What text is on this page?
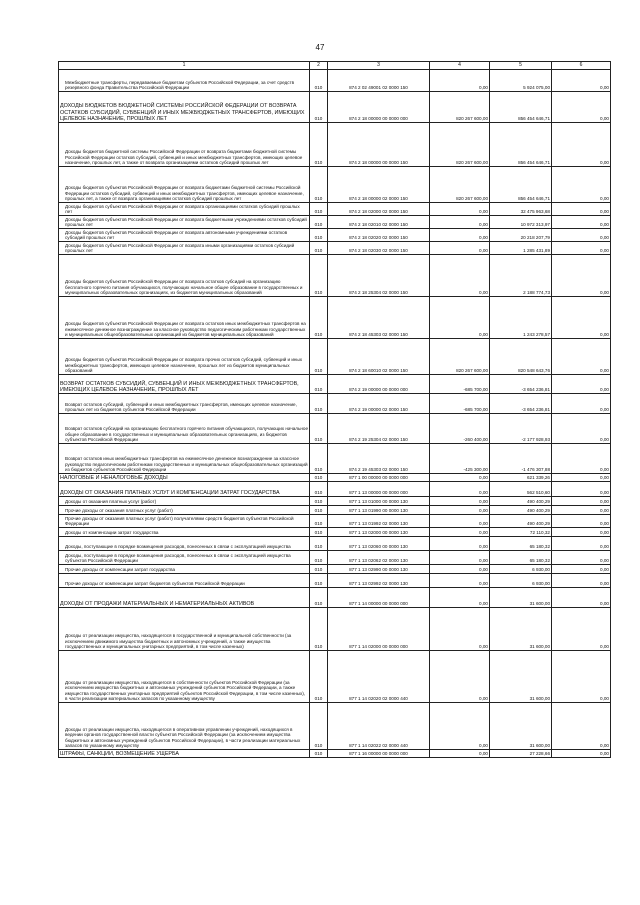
47
1	2	3	4	5	6
Межбюджетные трансферты, передаваемые бюджетам субъектов Российской Федерации, за счет средств резервного фонда Правительства Российской Федерации	010	874 2 02 49001 02 0000 150	0,00	5 924 075,00	0,00
ДОХОДЫ БЮДЖЕТОВ БЮДЖЕТНОЙ СИСТЕМЫ РОССИЙСКОЙ ФЕДЕРАЦИИ ОТ ВОЗВРАТА ОСТАТКОВ СУБСИДИЙ, СУБВЕНЦИЙ И ИНЫХ МЕЖБЮДЖЕТНЫХ ТРАНСФЕРТОВ, ИМЕЮЩИХ ЦЕЛЕВОЕ НАЗНАЧЕНИЕ, ПРОШЛЫХ ЛЕТ	010	874 2 18 00000 00 0000 000	820 267 600,00	856 454 646,71	0,00
Доходы бюджетов бюджетной системы Российской Федерации от возврата бюджетами бюджетной системы Российской Федерации остатков субсидий, субвенций и иных межбюджетных трансфертов, имеющих целевое назначение, прошлых лет, а также от возврата организациями остатков субсидий прошлых лет	010	874 2 18 00000 00 0000 150	820 267 600,00	856 454 646,71	0,00
Доходы бюджетов субъектов Российской Федерации от возврата бюджетами бюджетной системы Российской Федерации остатков субсидий, субвенций и иных межбюджетных трансфертов, имеющих целевое назначение, прошлых лет, а также от возврата организациями остатков субсидий прошлых лет	010	874 2 18 00000 02 0000 150	820 267 600,00	856 454 646,71	0,00
Доходы бюджетов субъектов Российской Федерации от возврата организациями остатков субсидий прошлых лет	010	874 2 18 02000 02 0000 150	0,00	32 475 963,68	0,00
Доходы бюджетов субъектов Российской Федерации от возврата бюджетными учреждениями остатков субсидий прошлых лет	010	874 2 18 02010 02 0000 150	0,00	10 972 313,97	0,00
Доходы бюджетов субъектов Российской Федерации от возврата автономными учреждениями остатков субсидий прошлых лет	010	874 2 18 02020 02 0000 150	0,00	20 218 207,79	0,00
Доходы бюджетов субъектов Российской Федерации от возврата иными организациями остатков субсидий прошлых лет	010	874 2 18 02030 02 0000 150	0,00	1 285 431,89	0,00
Доходы бюджетов субъектов Российской Федерации от возврата остатков субсидий на организацию бесплатного горячего питания обучающихся, получающих начальное общее образование в государственных и муниципальных образовательных организациях, из бюджетов муниципальных образований	010	874 2 18 25304 02 0000 150	0,00	2 188 774,73	0,00
Доходы бюджетов субъектов Российской Федерации от возврата остатков иных межбюджетных трансфертов на ежемесячное денежное вознаграждение за классное руководство педагогическим работникам государственных и муниципальных общеобразовательных организаций из бюджетов муниципальных образований	010	874 2 18 45303 02 0000 150	0,00	1 243 278,57	0,00
Доходы бюджетов субъектов Российской Федерации от возврата прочих остатков субсидий, субвенций и иных межбюджетных трансфертов, имеющих целевое назначение, прошлых лет из бюджетов муниципальных образований	010	874 2 18 60010 02 0000 150	820 267 600,00	820 548 643,76	0,00
ВОЗВРАТ ОСТАТКОВ СУБСИДИЙ, СУБВЕНЦИЙ И ИНЫХ МЕЖБЮДЖЕТНЫХ ТРАНСФЕРТОВ, ИМЕЮЩИХ ЦЕЛЕВОЕ НАЗНАЧЕНИЕ, ПРОШЛЫХ ЛЕТ	010	874 2 19 00000 00 0000 000	-685 700,00	-3 654 236,81	0,00
Возврат остатков субсидий, субвенций и иных межбюджетных трансфертов, имеющих целевое назначение, прошлых лет из бюджетов субъектов Российской Федерации	010	874 2 19 00000 02 0000 150	-685 700,00	-3 654 236,81	0,00
Возврат остатков субсидий на организацию бесплатного горячего питания обучающихся, получающих начальное общее образование в государственных и муниципальных образовательных организациях, из бюджетов субъектов Российской Федерации	010	874 2 19 25304 02 0000 150	-260 400,00	-2 177 928,93	0,00
Возврат остатков иных межбюджетных трансфертов на ежемесячное денежное вознаграждение за классное руководство педагогическим работникам государственных и муниципальных общеобразовательных организаций из бюджетов субъектов Российской Федерации	010	874 2 19 45303 02 0000 150	-425 300,00	-1 476 307,88	0,00
НАЛОГОВЫЕ И НЕНАЛОГОВЫЕ ДОХОДЫ	010	877 1 00 00000 00 0000 000	0,00	621 339,26	0,00
ДОХОДЫ ОТ ОКАЗАНИЯ ПЛАТНЫХ УСЛУГ И КОМПЕНСАЦИИ ЗАТРАТ ГОСУДАРСТВА	010	877 1 13 00000 00 0000 000	0,00	562 510,60	0,00
Доходы от оказания платных услуг (работ)	010	877 1 13 01000 00 0000 130	0,00	490 400,29	0,00
Прочие доходы от оказания платных услуг (работ)	010	877 1 13 01990 00 0000 130	0,00	490 400,29	0,00
Прочие доходы от оказания платных услуг (работ) получателями средств бюджетов субъектов Российской Федерации	010	877 1 13 01992 02 0000 130	0,00	490 400,29	0,00
Доходы от компенсации затрат государства	010	877 1 13 02000 00 0000 130	0,00	72 110,32	0,00
Доходы, поступающие в порядке возмещения расходов, понесенных в связи с эксплуатацией имущества	010	877 1 13 02060 00 0000 130	0,00	65 180,32	0,00
Доходы, поступающие в порядке возмещения расходов, понесенных в связи с эксплуатацией имущества субъектов Российской Федерации	010	877 1 13 02062 02 0000 130	0,00	65 180,32	0,00
Прочие доходы от компенсации затрат государства	010	877 1 13 02990 00 0000 130	0,00	6 930,00	0,00
Прочие доходы от компенсации затрат бюджетов субъектов Российской Федерации	010	877 1 13 02992 02 0000 130	0,00	6 930,00	0,00
ДОХОДЫ ОТ ПРОДАЖИ МАТЕРИАЛЬНЫХ И НЕМАТЕРИАЛЬНЫХ АКТИВОВ	010	877 1 14 00000 00 0000 000	0,00	31 600,00	0,00
Доходы от реализации имущества, находящегося в государственной и муниципальной собственности (за исключением движимого имущества бюджетных и автономных учреждений, а также имущества государственных и муниципальных унитарных предприятий, в том числе казенных)	010	877 1 14 02000 00 0000 000	0,00	31 600,00	0,00
Доходы от реализации имущества, находящегося в собственности субъектов Российской Федерации (за исключением имущества бюджетных и автономных учреждений субъектов Российской Федерации, а также имущества государственных унитарных предприятий субъектов Российской Федерации, в том числе казенных), в части реализации материальных запасов по указанному имуществу	010	877 1 14 02020 02 0000 440	0,00	31 600,00	0,00
Доходы от реализации имущества, находящегося в оперативном управлении учреждений, находящихся в ведении органов государственной власти субъектов Российской Федерации (за исключением имущества бюджетных и автономных учреждений субъектов Российской Федерации), в части реализации материальных запасов по указанному имуществу	010	877 1 14 02022 02 0000 440	0,00	31 600,00	0,00
ШТРАФЫ, САНКЦИИ, ВОЗМЕЩЕНИЕ УЩЕРБА	010	877 1 16 00000 00 0000 000	0,00	27 228,66	0,00
